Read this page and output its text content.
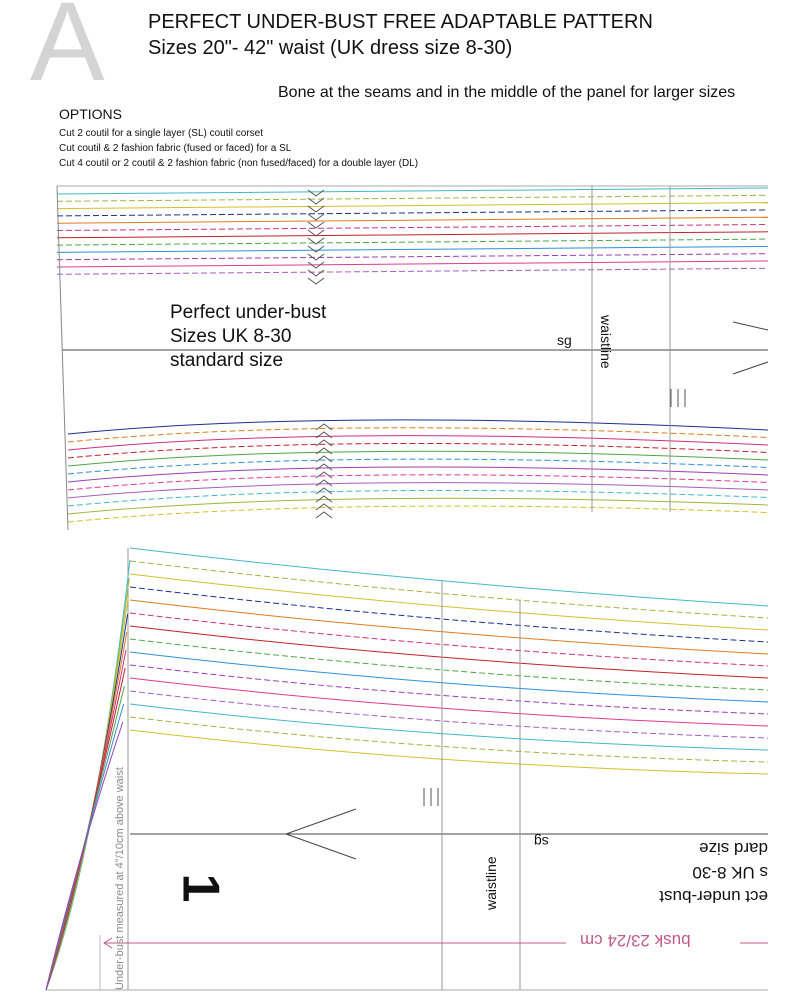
A PERFECT UNDER-BUST FREE ADAPTABLE PATTERN
Sizes 20"- 42" waist (UK dress size 8-30)
Bone at the seams and in the middle of the panel for larger sizes
OPTIONS
Cut 2 coutil for a single layer (SL) coutil corset
Cut coutil & 2 fashion fabric (fused or faced) for a SL
Cut 4 coutil or 2 coutil & 2 fashion fabric (non fused/faced) for a double layer (DL)
Perfect under-bust
Sizes UK 8-30
standard size
sg waistline
sg
waistline
dard size
s UK 8-30
ect under-bust
busk 23/24 cm
Under-bust measured at 4"/10cm above waist 1
